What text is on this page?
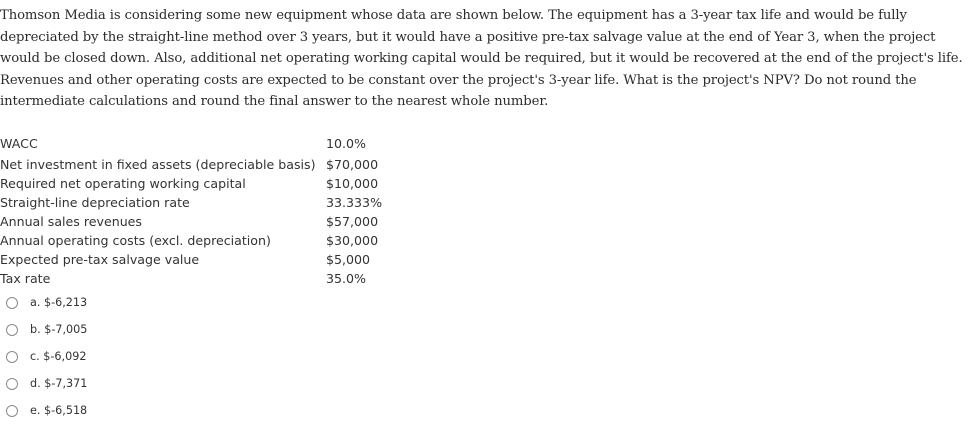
Thomson Media is considering some new equipment whose data are shown below. The equipment has a 3-year tax life and would be fully depreciated by the straight-line method over 3 years, but it would have a positive pre-tax salvage value at the end of Year 3, when the project would be closed down. Also, additional net operating working capital would be required, but it would be recovered at the end of the project's life. Revenues and other operating costs are expected to be constant over the project's 3-year life. What is the project's NPV? Do not round the intermediate calculations and round the final answer to the nearest whole number.
WACC	10.0%
Net investment in fixed assets (depreciable basis)	$70,000
Required net operating working capital	$10,000
Straight-line depreciation rate	33.333%
Annual sales revenues	$57,000
Annual operating costs (excl. depreciation)	$30,000
Expected pre-tax salvage value	$5,000
Tax rate	35.0%
a. $-6,213
b. $-7,005
c. $-6,092
d. $-7,371
e. $-6,518
